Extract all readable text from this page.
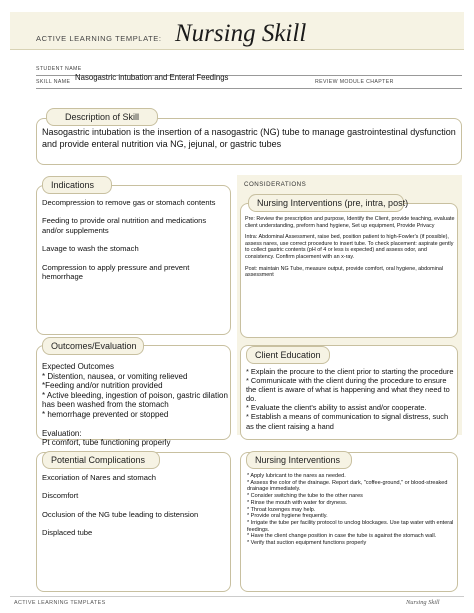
ACTIVE LEARNING TEMPLATE: Nursing Skill
STUDENT NAME
SKILL NAME Nasogastric intubation and Enteral Feedings	REVIEW MODULE CHAPTER
Description of Skill
Nasogastric intubation is the insertion of a nasogastric (NG) tube to manage gastrointestinal dysfunction and provide enteral nutrition via NG, jejunal, or gastric tubes
CONSIDERATIONS
Indications

Decompression to remove gas or stomach contents

Feeding to provide oral nutrition and medications and/or supplements

Lavage to wash the stomach

Compression to apply pressure and prevent hemorrhage

Nursing Interventions (pre, intra, post)

Pre: Review the prescription and purpose, Identify the Client, provide teaching, evaluate client understanding, preform hand hygiene, Set up equipment, Provide Privacy

Intra: Abdominal Assessment, raise bed, position patient to high-Fowler's (if possible), assess nares, use correct procedure to insert tube. To check placement: aspirate gently to collect gastric contents (pH of 4 or less is expected) and assess odor, and consistency. Confirm placement with an x-ray.

Post: maintain NG Tube, measure output, provide comfort, oral hygiene, abdominal assessment

Outcomes/Evaluation
Expected Outcomes
* Distention, nausea, or vomiting relieved
*Feeding and/or nutrition provided
* Active bleeding, ingestion of poison, gastric dilation has been washed from the stomach
* hemorrhage prevented or stopped
Evaluation:
Pt comfort, tube functioning properly
Client Education
* Explain the procure to the client prior to starting the procedure
* Communicate with the client during the procedure to ensure the client is aware of what is happening and what they need to do.
* Evaluate the client's ability to assist and/or cooperate.
* Establish a means of communication to signal distress, such as the client raising a hand
Potential Complications

Excoriation of Nares and stomach

Discomfort

Occlusion of the NG tube leading to distension

Displaced tube

Nursing Interventions
* Apply lubricant to the nares as needed.
* Assess the color of the drainage. Report dark, "coffee-ground," or blood-streaked drainage immediately.
* Consider switching the tube to the other nares
* Rinse the mouth with water for dryness.
* Throat lozenges may help.
* Provide oral hygiene frequently.
* Irrigate the tube per facility protocol to unclog blockages. Use tap water with enteral feedings.
* Have the client change position in case the tube is against the stomach wall.
* Verify that suction equipment functions properly
ACTIVE LEARNING TEMPLATES	Nursing Skill
